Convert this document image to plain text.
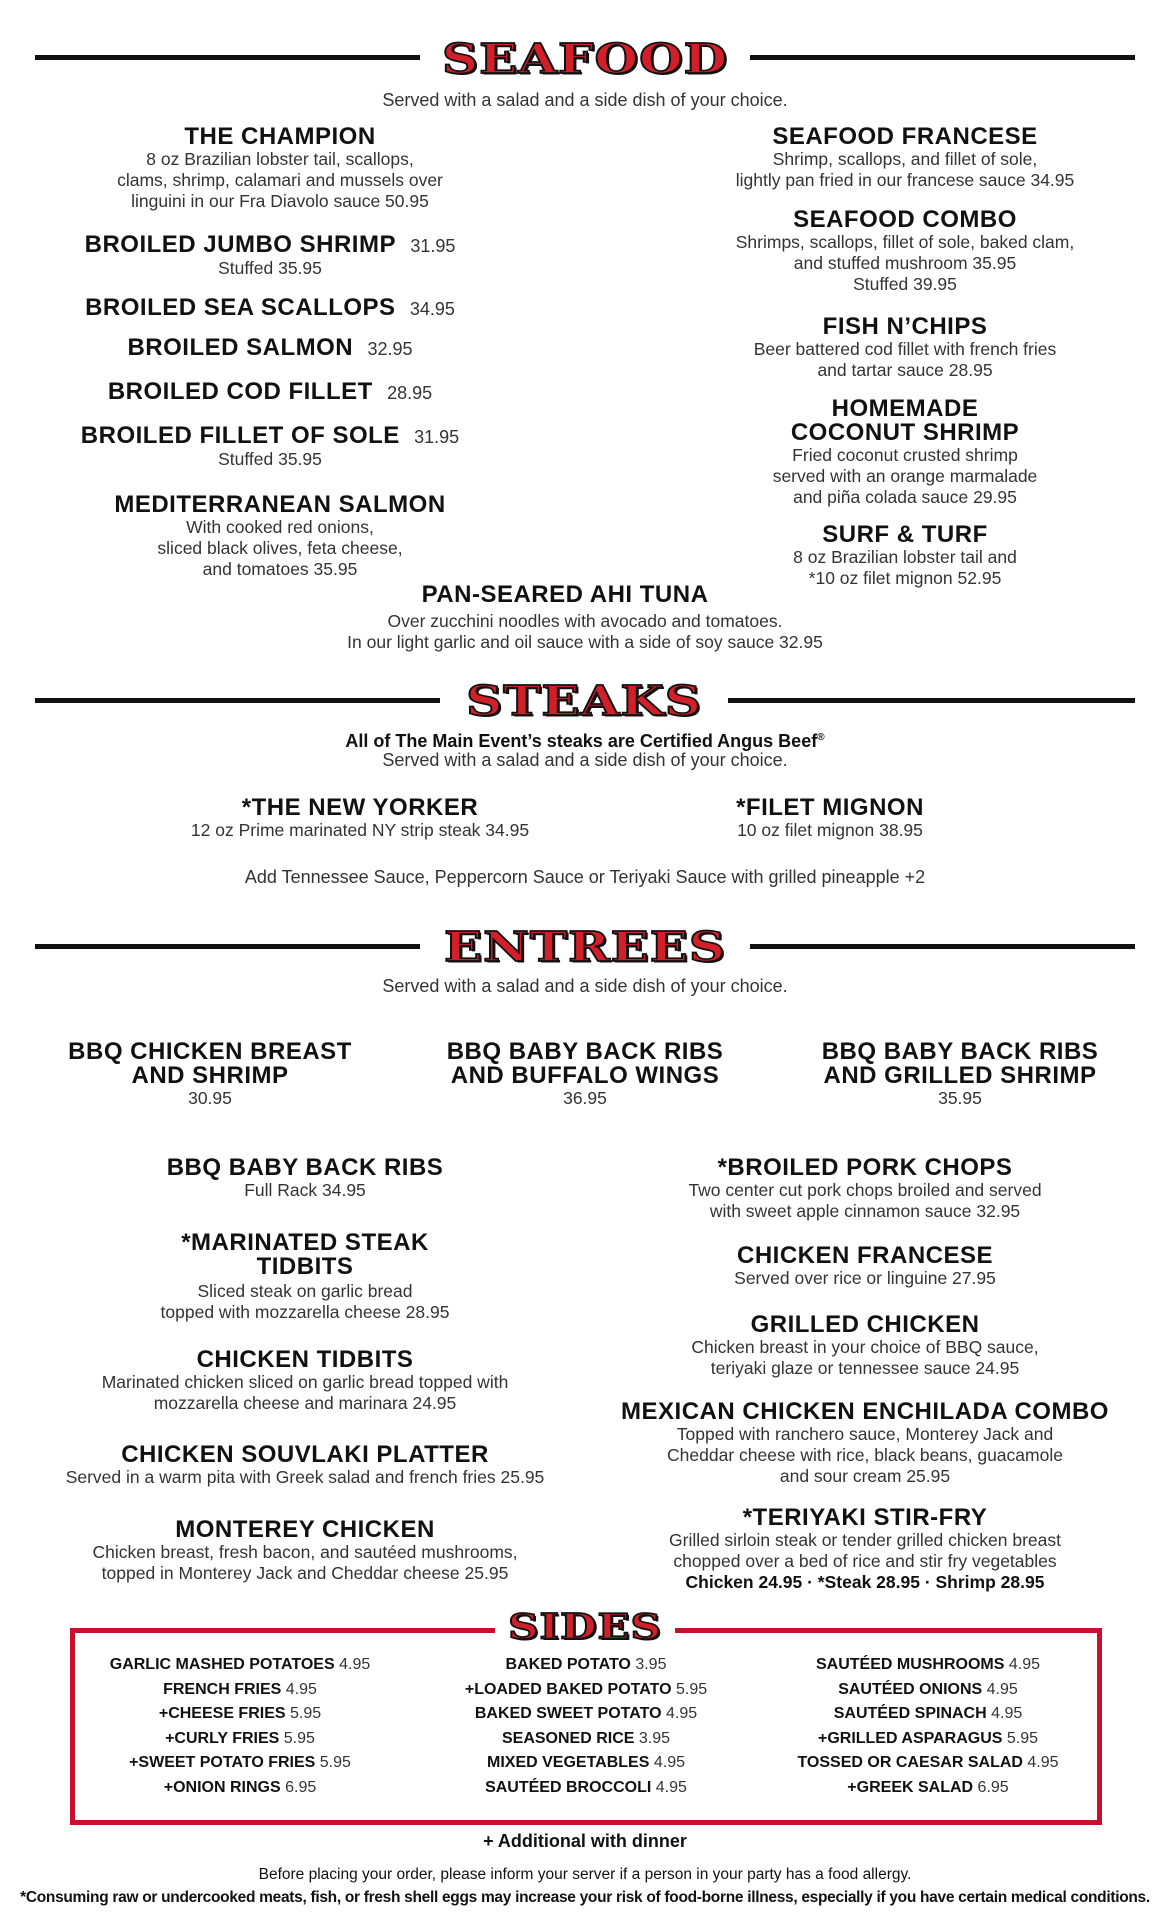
SEAFOOD
Served with a salad and a side dish of your choice.
THE CHAMPION
8 oz Brazilian lobster tail, scallops,
clams, shrimp, calamari and mussels over
linguini in our Fra Diavolo sauce 50.95
BROILED JUMBO SHRIMP 31.95
Stuffed 35.95
BROILED SEA SCALLOPS 34.95
BROILED SALMON 32.95
BROILED COD FILLET 28.95
BROILED FILLET OF SOLE 31.95
Stuffed 35.95
MEDITERRANEAN SALMON
With cooked red onions,
sliced black olives, feta cheese,
and tomatoes 35.95
SEAFOOD FRANCESE
Shrimp, scallops, and fillet of sole,
lightly pan fried in our francese sauce 34.95
SEAFOOD COMBO
Shrimps, scallops, fillet of sole, baked clam,
and stuffed mushroom 35.95
Stuffed 39.95
FISH N’CHIPS
Beer battered cod fillet with french fries
and tartar sauce 28.95
HOMEMADE
COCONUT SHRIMP
Fried coconut crusted shrimp
served with an orange marmalade
and piña colada sauce 29.95
SURF & TURF
8 oz Brazilian lobster tail and
*10 oz filet mignon 52.95
PAN-SEARED AHI TUNA
Over zucchini noodles with avocado and tomatoes.
In our light garlic and oil sauce with a side of soy sauce 32.95
STEAKS
All of The Main Event’s steaks are Certified Angus Beef®
Served with a salad and a side dish of your choice.
*THE NEW YORKER
12 oz Prime marinated NY strip steak 34.95
*FILET MIGNON
10 oz filet mignon 38.95
Add Tennessee Sauce, Peppercorn Sauce or Teriyaki Sauce with grilled pineapple +2
ENTREES
Served with a salad and a side dish of your choice.
BBQ CHICKEN BREAST
AND SHRIMP
30.95
BBQ BABY BACK RIBS
AND BUFFALO WINGS
36.95
BBQ BABY BACK RIBS
AND GRILLED SHRIMP
35.95
BBQ BABY BACK RIBS
Full Rack 34.95
*MARINATED STEAK
TIDBITS
Sliced steak on garlic bread
topped with mozzarella cheese 28.95
CHICKEN TIDBITS
Marinated chicken sliced on garlic bread topped with
mozzarella cheese and marinara 24.95
CHICKEN SOUVLAKI PLATTER
Served in a warm pita with Greek salad and french fries 25.95
MONTEREY CHICKEN
Chicken breast, fresh bacon, and sautéed mushrooms,
topped in Monterey Jack and Cheddar cheese 25.95
*BROILED PORK CHOPS
Two center cut pork chops broiled and served
with sweet apple cinnamon sauce 32.95
CHICKEN FRANCESE
Served over rice or linguine 27.95
GRILLED CHICKEN
Chicken breast in your choice of BBQ sauce,
teriyaki glaze or tennessee sauce 24.95
MEXICAN CHICKEN ENCHILADA COMBO
Topped with ranchero sauce, Monterey Jack and
Cheddar cheese with rice, black beans, guacamole
and sour cream 25.95
*TERIYAKI STIR-FRY
Grilled sirloin steak or tender grilled chicken breast
chopped over a bed of rice and stir fry vegetables
Chicken 24.95 · *Steak 28.95 · Shrimp 28.95
GARLIC MASHED POTATOES 4.95
FRENCH FRIES 4.95
+CHEESE FRIES 5.95
+CURLY FRIES 5.95
+SWEET POTATO FRIES 5.95
+ONION RINGS 6.95
BAKED POTATO 3.95
+LOADED BAKED POTATO 5.95
BAKED SWEET POTATO 4.95
SEASONED RICE 3.95
MIXED VEGETABLES 4.95
SAUTÉED BROCCOLI 4.95
SAUTÉED MUSHROOMS 4.95
SAUTÉED ONIONS 4.95
SAUTÉED SPINACH 4.95
+GRILLED ASPARAGUS 5.95
TOSSED OR CAESAR SALAD 4.95
+GREEK SALAD 6.95
SIDES
+ Additional with dinner
Before placing your order, please inform your server if a person in your party has a food allergy.
*Consuming raw or undercooked meats, fish, or fresh shell eggs may increase your risk of food-borne illness, especially if you have certain medical conditions.
